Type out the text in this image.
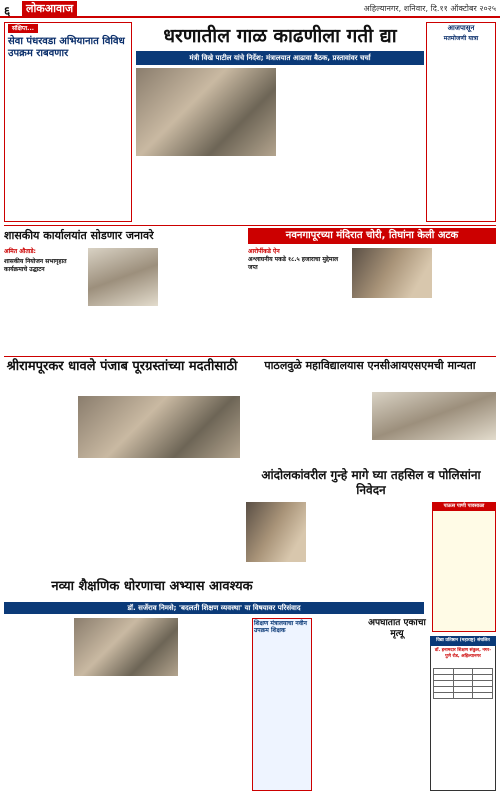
६	लोकआवाज	अहिल्यानगर, शनिवार, दि.११ ऑक्टोबर २०२५
संक्षिप्त...
सेवा पंधरवडा अभियानात विविध उपक्रम राबवणार
आजपासून
मतमोजणी यात्रा
धरणातील गाळ काढणीला गती द्या
मंत्री विखे पाटील यांचे निर्देश; मंत्रालयात आढावा बैठक, प्रस्तावांवर चर्चा
शासकीय कार्यालयांत सोडणार जनावरे	नवनगापूरच्या मंदिरात चोरी, तिघांना केली अटक
अमित औताडे:
शासकीय नियोजन सभागृहात कार्यक्रमाचे उद्घाटन
आरोपींकडे ऐन
अश्लाघनीय पकडे १८.५ हजाराचा मुद्देमाल जप्त
श्रीरामपूरकर धावले पंजाब पूरग्रस्तांच्या मदतीसाठी	पाठलवुळे महाविद्यालयास एनसीआयएसएमची मान्यता
आंदोलकांवरील गुन्हे मागे घ्या तहसिल व पोलिसांना निवेदन
पाऊस पाणी पावसाळा
नव्या शैक्षणिक धोरणाचा अभ्यास आवश्यक
डॉ. सर्जेराव निमसे; 'बदलती शिक्षण व्यवस्था' या विषयावर परिसंवाद
शिक्षण मंत्रालयाचा नवीन उपक्रम शिक्षक
अपघातात एकाचा मृत्यू
विद्या प्रतिष्ठान (महाराष्ट्र) संचलित
डॉ. इनामदार शिक्षण संकुल, नगर-पुणे रोड, अहिल्यानगर
